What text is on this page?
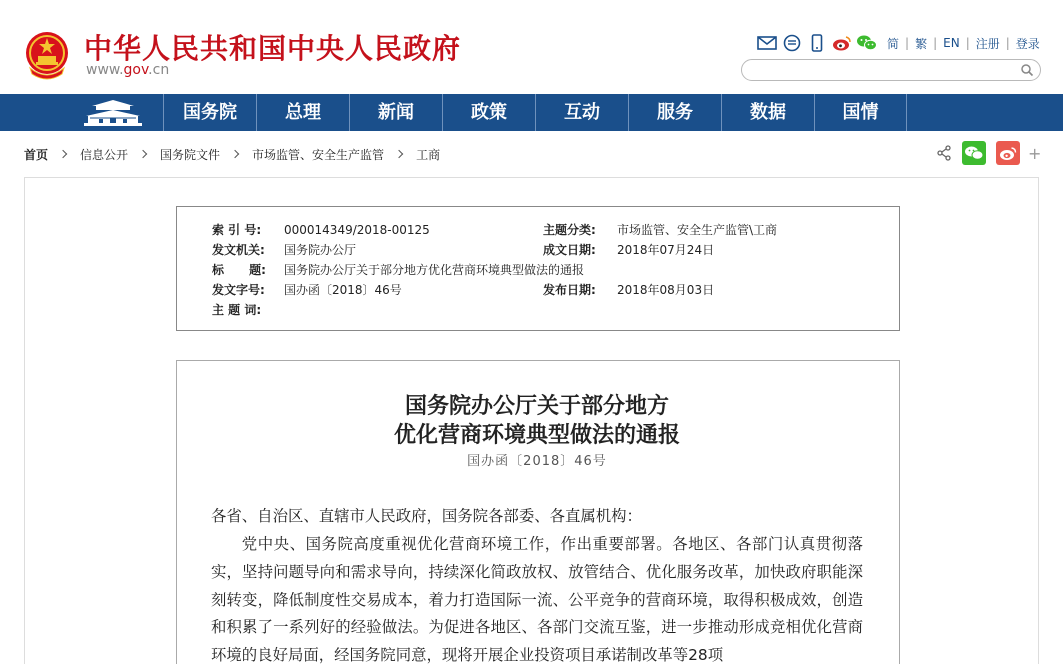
中华人民共和国中央人民政府
www.gov.cn
简 | 繁 | EN | 注册 | 登录
国务院	总理	新闻	政策	互动	服务	数据	国情
首页	信息公开	国务院文件	市场监管、安全生产监管	工商	+
索 引 号: 000014349/2018-00125	主题分类: 市场监管、安全生产监管\工商
发文机关: 国务院办公厅	成文日期: 2018年07月24日
标      题: 国务院办公厅关于部分地方优化营商环境典型做法的通报
发文字号: 国办函〔2018〕46号	发布日期: 2018年08月03日
主 题 词:
国务院办公厅关于部分地方
优化营商环境典型做法的通报
国办函〔2018〕46号
各省、自治区、直辖市人民政府，国务院各部委、各直属机构：
党中央、国务院高度重视优化营商环境工作，作出重要部署。各地区、各部门认真贯彻落实，坚持问题导向和需求导向，持续深化简政放权、放管结合、优化服务改革，加快政府职能深刻转变，降低制度性交易成本，着力打造国际一流、公平竞争的营商环境，取得积极成效，创造和积累了一系列好的经验做法。为促进各地区、各部门交流互鉴，进一步推动形成竞相优化营商环境的良好局面，经国务院同意，现将开展企业投资项目承诺制改革等28项
